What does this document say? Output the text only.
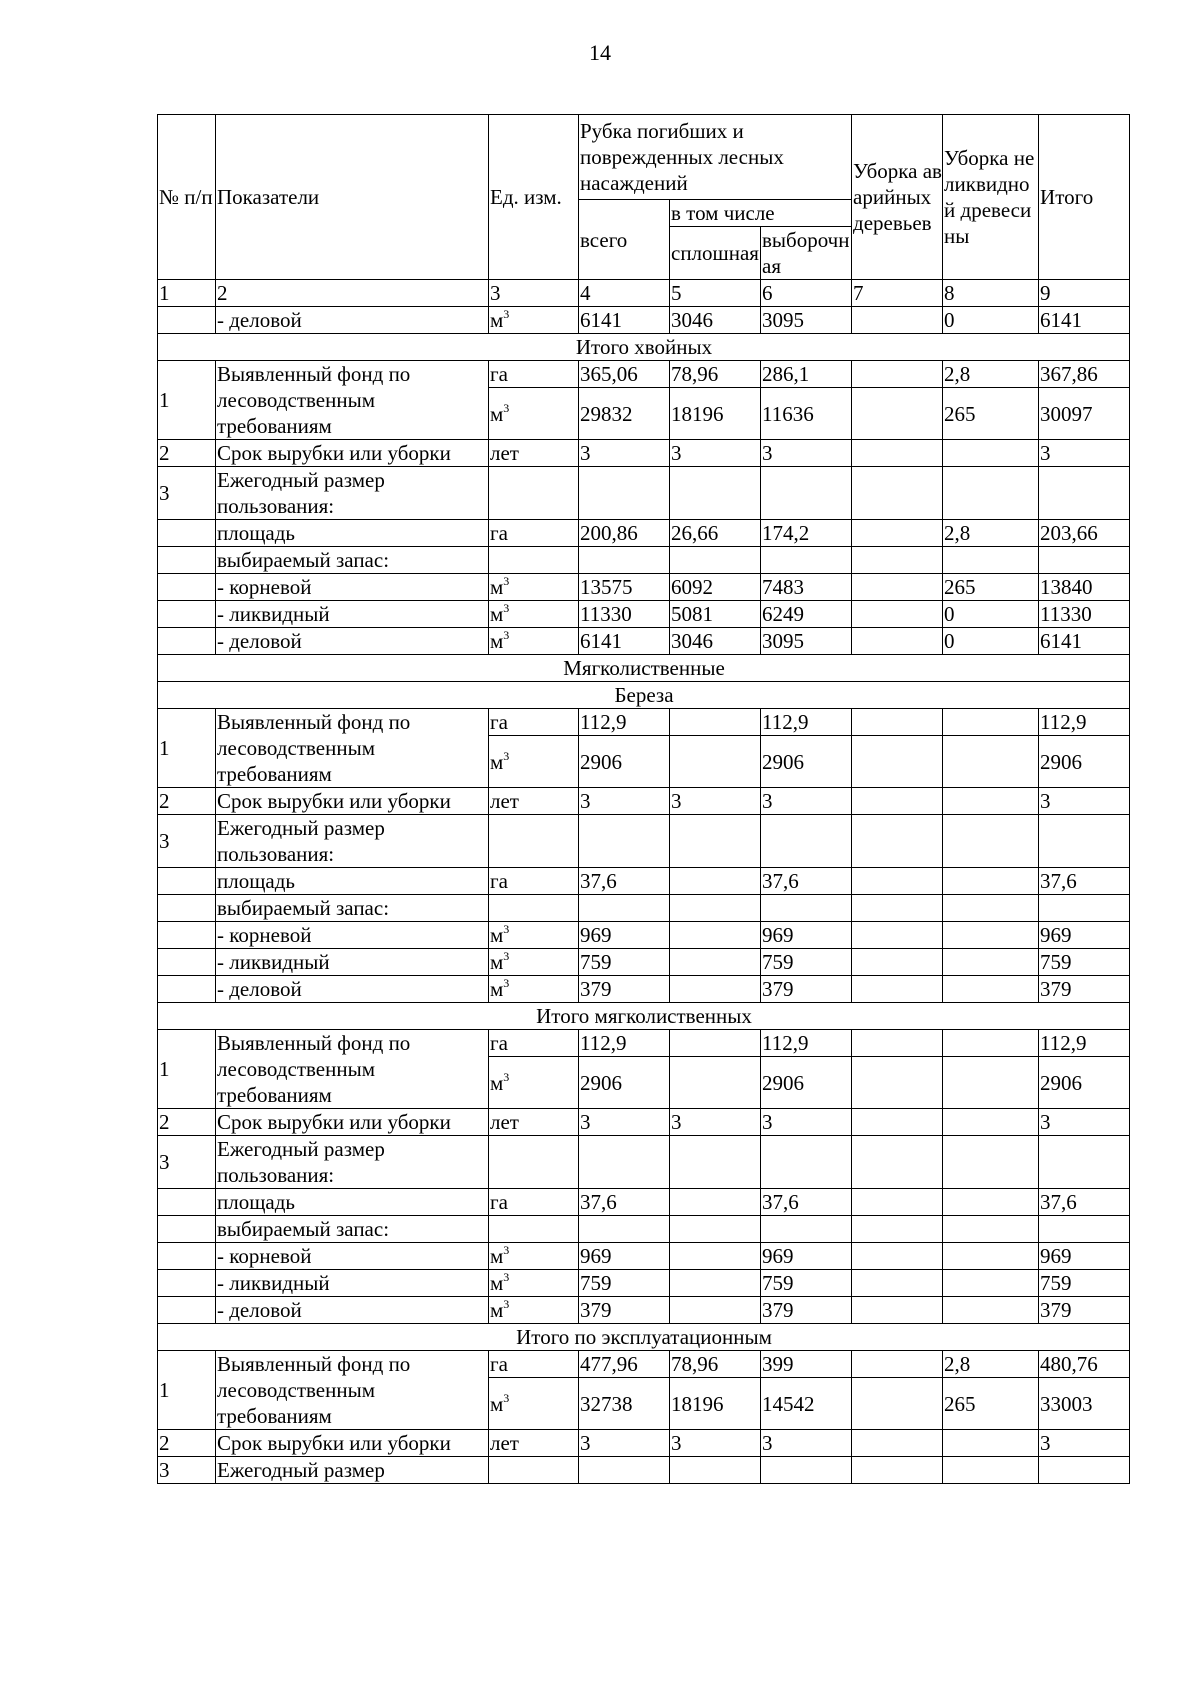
14
№ п/п	Показатели	Ед. изм.	Рубка погибших и поврежденных лесных насаждений			Уборка аварийных деревьев	Уборка неликвидной древесины	Итого
			всего	в том числе				
				сплошная	выборочная			

1	2	3	4	5	6	7	8	9
	- деловой	$м^3$	6141	3046	3095		0	6141
Итого хвойных								
1	Выявленный фонд по лесоводственным требованиям	га	365,06	78,96	286,1		2,8	367,86
		$м^3$	29832	18196	11636		265	30097
2	Срок вырубки или уборки	лет	3	3	3			3
3	Ежегодный размер пользования:							
	площадь	га	200,86	26,66	174,2		2,8	203,66
	выбираемый запас:							
	- корневой	$м^3$	13575	6092	7483		265	13840
	- ликвидный	$м^3$	11330	5081	6249		0	11330
	- деловой	$м^3$	6141	3046	3095		0	6141
Мягколиственные								
Береза								
1	Выявленный фонд по лесоводственным требованиям	га	112,9		112,9			112,9
		$м^3$	2906		2906			2906
2	Срок вырубки или уборки	лет	3	3	3			3
3	Ежегодный размер пользования:							
	площадь	га	37,6		37,6			37,6
	выбираемый запас:							
	- корневой	$м^3$	969		969			969
	- ликвидный	$м^3$	759		759			759
	- деловой	$м^3$	379		379			379
Итого мягколиственных								
1	Выявленный фонд по лесоводственным требованиям	га	112,9		112,9			112,9
		$м^3$	2906		2906			2906
2	Срок вырубки или уборки	лет	3	3	3			3
3	Ежегодный размер пользования:							
	площадь	га	37,6		37,6			37,6
	выбираемый запас:							
	- корневой	$м^3$	969		969			969
	- ликвидный	$м^3$	759		759			759
	- деловой	$м^3$	379		379			379
Итого по эксплуатационным								
1	Выявленный фонд по лесоводственным требованиям	га	477,96	78,96	399		2,8	480,76
		$м^3$	32738	18196	14542		265	33003
2	Срок вырубки или уборки	лет	3	3	3			3
3	Ежегодный размер							
